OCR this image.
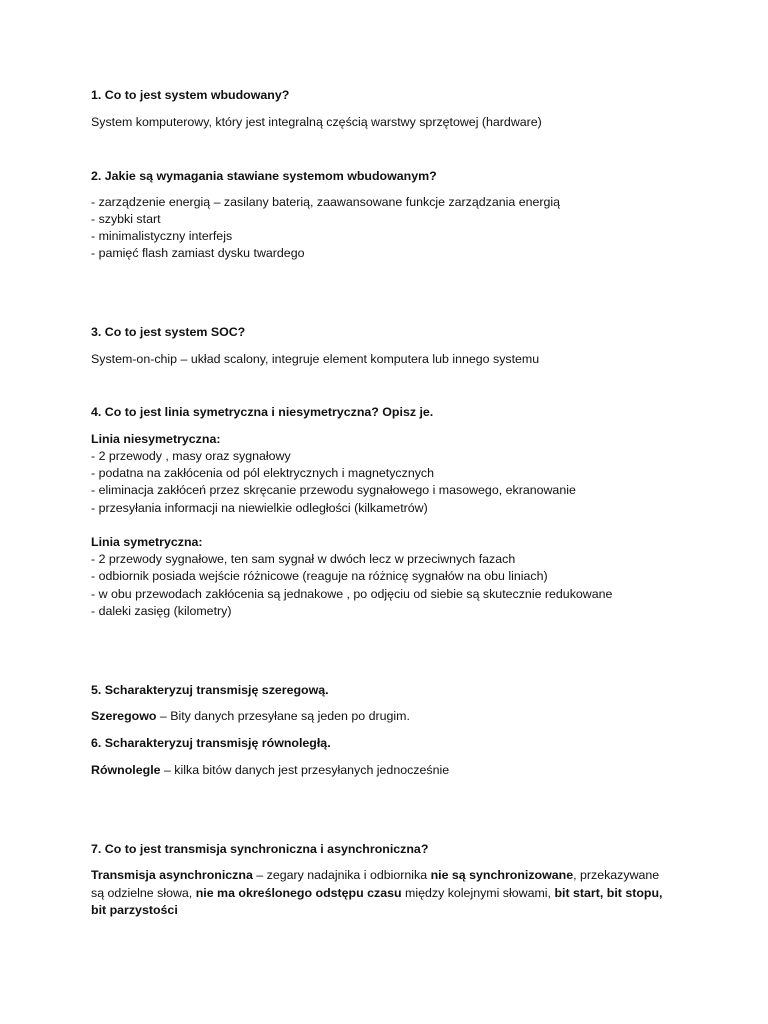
1. Co to jest system wbudowany?
System komputerowy, który jest integralną częścią warstwy sprzętowej (hardware)
2. Jakie są wymagania stawiane systemom wbudowanym?
- zarządzenie energią – zasilany baterią, zaawansowane funkcje zarządzania energią
- szybki start
- minimalistyczny interfejs
- pamięć flash zamiast dysku twardego
3. Co to jest system SOC?
System-on-chip – układ scalony, integruje element komputera lub innego systemu
4. Co to jest linia symetryczna i niesymetryczna? Opisz je.
Linia niesymetryczna:
- 2 przewody , masy oraz sygnałowy
- podatna na zakłócenia od pól elektrycznych i magnetycznych
- eliminacja zakłóceń przez skręcanie przewodu sygnałowego i masowego, ekranowanie
- przesyłania informacji na niewielkie odległości (kilkametrów)
Linia symetryczna:
- 2 przewody sygnałowe, ten sam sygnał w dwóch lecz w przeciwnych fazach
- odbiornik posiada wejście różnicowe (reaguje na różnicę sygnałów na obu liniach)
- w obu przewodach zakłócenia są jednakowe , po odjęciu od siebie są skutecznie redukowane
- daleki zasięg (kilometry)
5. Scharakteryzuj transmisję szeregową.
Szeregowo – Bity danych przesyłane są jeden po drugim.
6. Scharakteryzuj transmisję równoległą.
Równolegle – kilka bitów danych jest przesyłanych jednocześnie
7. Co to jest transmisja synchroniczna i asynchroniczna?
Transmisja asynchroniczna – zegary nadajnika i odbiornika nie są synchronizowane, przekazywane
są odzielne słowa, nie ma określonego odstępu czasu między kolejnymi słowami, bit start, bit stopu,
bit parzystości
